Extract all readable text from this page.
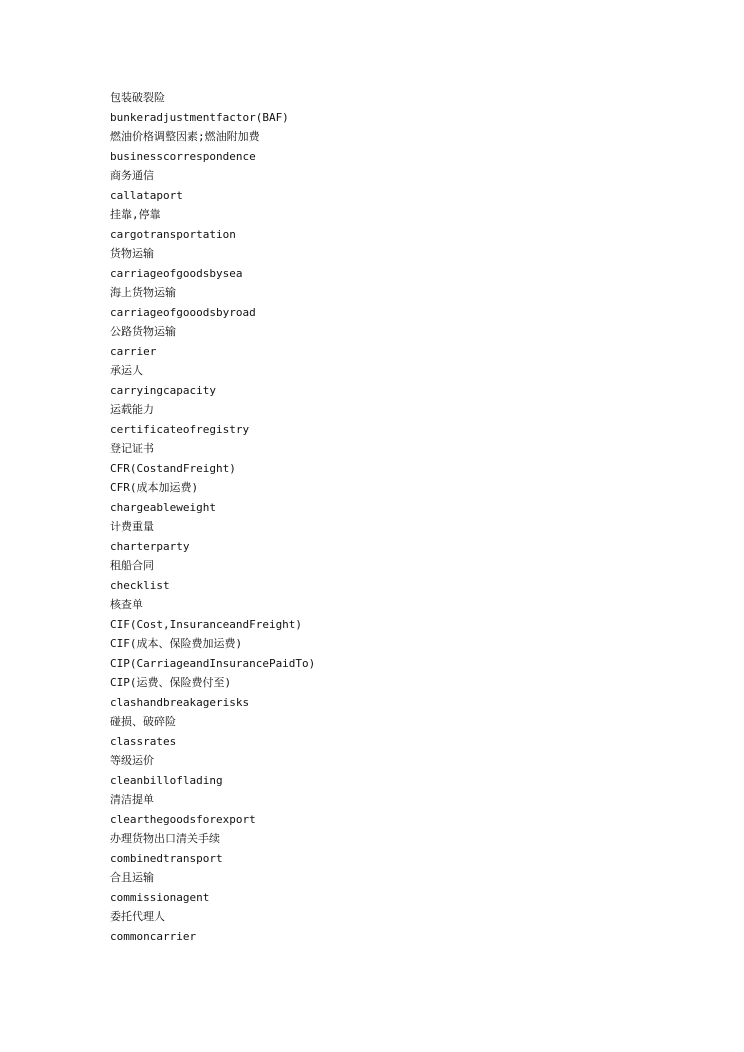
包装破裂险
bunkeradjustmentfactor(BAF)
燃油价格调整因素;燃油附加费
businesscorrespondence
商务通信
callataport
挂靠,停靠
cargotransportation
货物运输
carriageofgoodsbysea
海上货物运输
carriageofgooodsbyroad
公路货物运输
carrier
承运人
carryingcapacity
运载能力
certificateofregistry
登记证书
CFR(CostandFreight)
CFR(成本加运费)
chargeableweight
计费重量
charterparty
租船合同
checklist
核查单
CIF(Cost,InsuranceandFreight)
CIF(成本、保险费加运费)
CIP(CarriageandInsurancePaidTo)
CIP(运费、保险费付至)
clashandbreakagerisks
碰损、破碎险
classrates
等级运价
cleanbilloflading
清洁提单
clearthegoodsforexport
办理货物出口清关手续
combinedtransport
合且运输
commissionagent
委托代理人
commoncarrier
